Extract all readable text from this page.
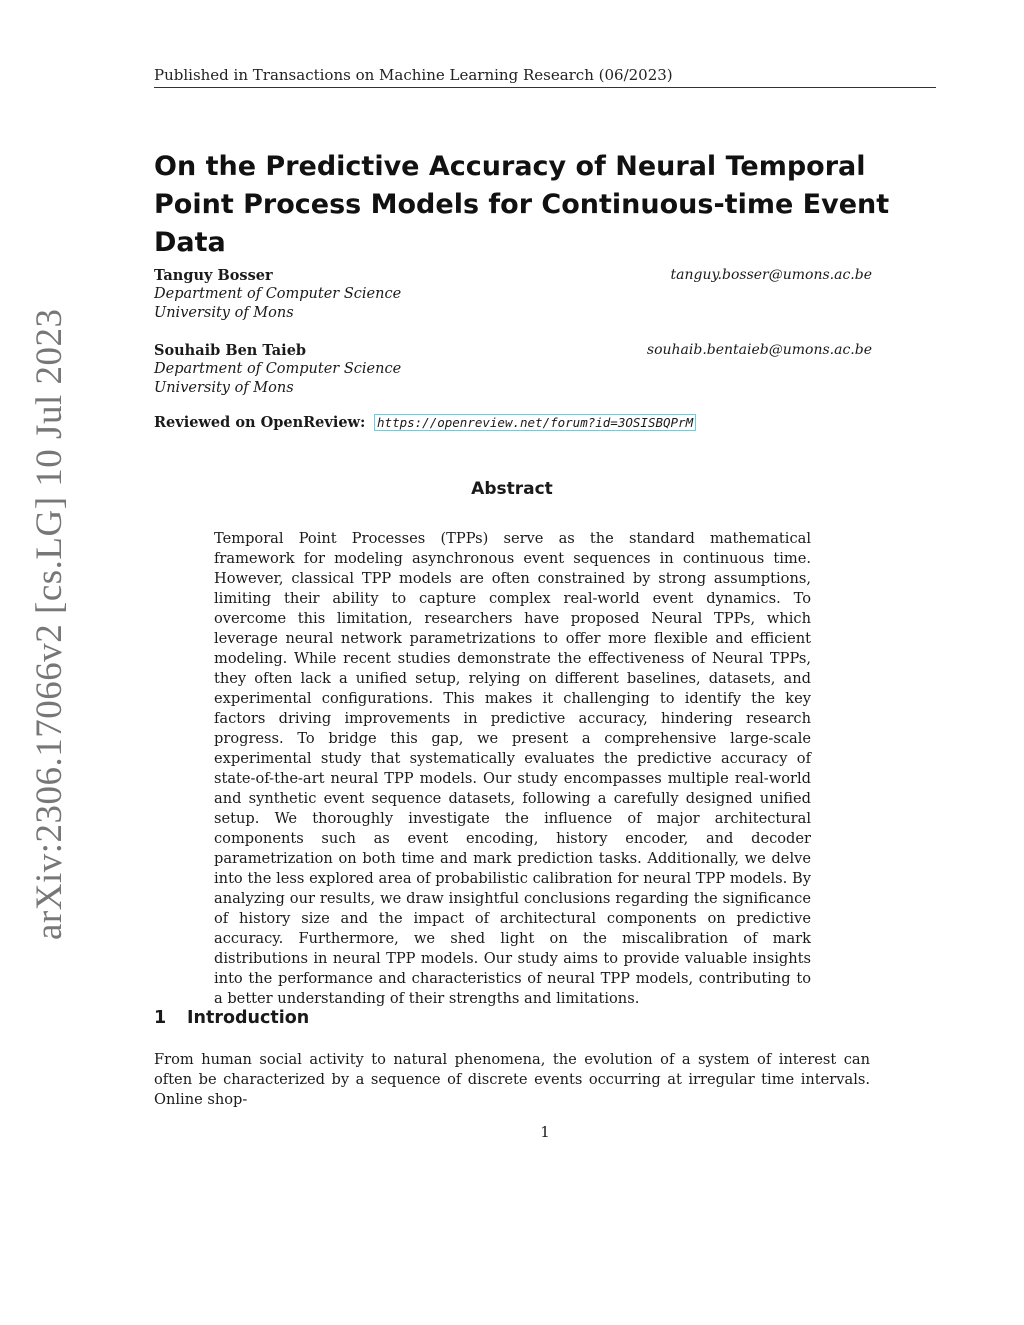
Published in Transactions on Machine Learning Research (06/2023)
arXiv:2306.17066v2 [cs.LG] 10 Jul 2023
On the Predictive Accuracy of Neural Temporal Point Process Models for Continuous-time Event Data
Tanguy Bosser
Department of Computer Science
University of Mons
tanguy.bosser@umons.ac.be
Souhaib Ben Taieb
Department of Computer Science
University of Mons
souhaib.bentaieb@umons.ac.be
Reviewed on OpenReview: https://openreview.net/forum?id=3OSISBQPrM
Abstract

Temporal Point Processes (TPPs) serve as the standard mathematical framework for modeling asynchronous event sequences in continuous time. However, classical TPP models are often constrained by strong assumptions, limiting their ability to capture complex real-world event dynamics. To overcome this limitation, researchers have proposed Neural TPPs, which leverage neural network parametrizations to offer more flexible and efficient modeling. While recent studies demonstrate the effectiveness of Neural TPPs, they often lack a unified setup, relying on different baselines, datasets, and experimental configurations. This makes it challenging to identify the key factors driving improvements in predictive accuracy, hindering research progress. To bridge this gap, we present a comprehensive large-scale experimental study that systematically evaluates the predictive accuracy of state-of-the-art neural TPP models. Our study encompasses multiple real-world and synthetic event sequence datasets, following a carefully designed unified setup. We thoroughly investigate the influence of major architectural components such as event encoding, history encoder, and decoder parametrization on both time and mark prediction tasks. Additionally, we delve into the less explored area of probabilistic calibration for neural TPP models. By analyzing our results, we draw insightful conclusions regarding the significance of history size and the impact of architectural components on predictive accuracy. Furthermore, we shed light on the miscalibration of mark distributions in neural TPP models. Our study aims to provide valuable insights into the performance and characteristics of neural TPP models, contributing to a better understanding of their strengths and limitations.

1 Introduction

From human social activity to natural phenomena, the evolution of a system of interest can often be characterized by a sequence of discrete events occurring at irregular time intervals. Online shop-

1
